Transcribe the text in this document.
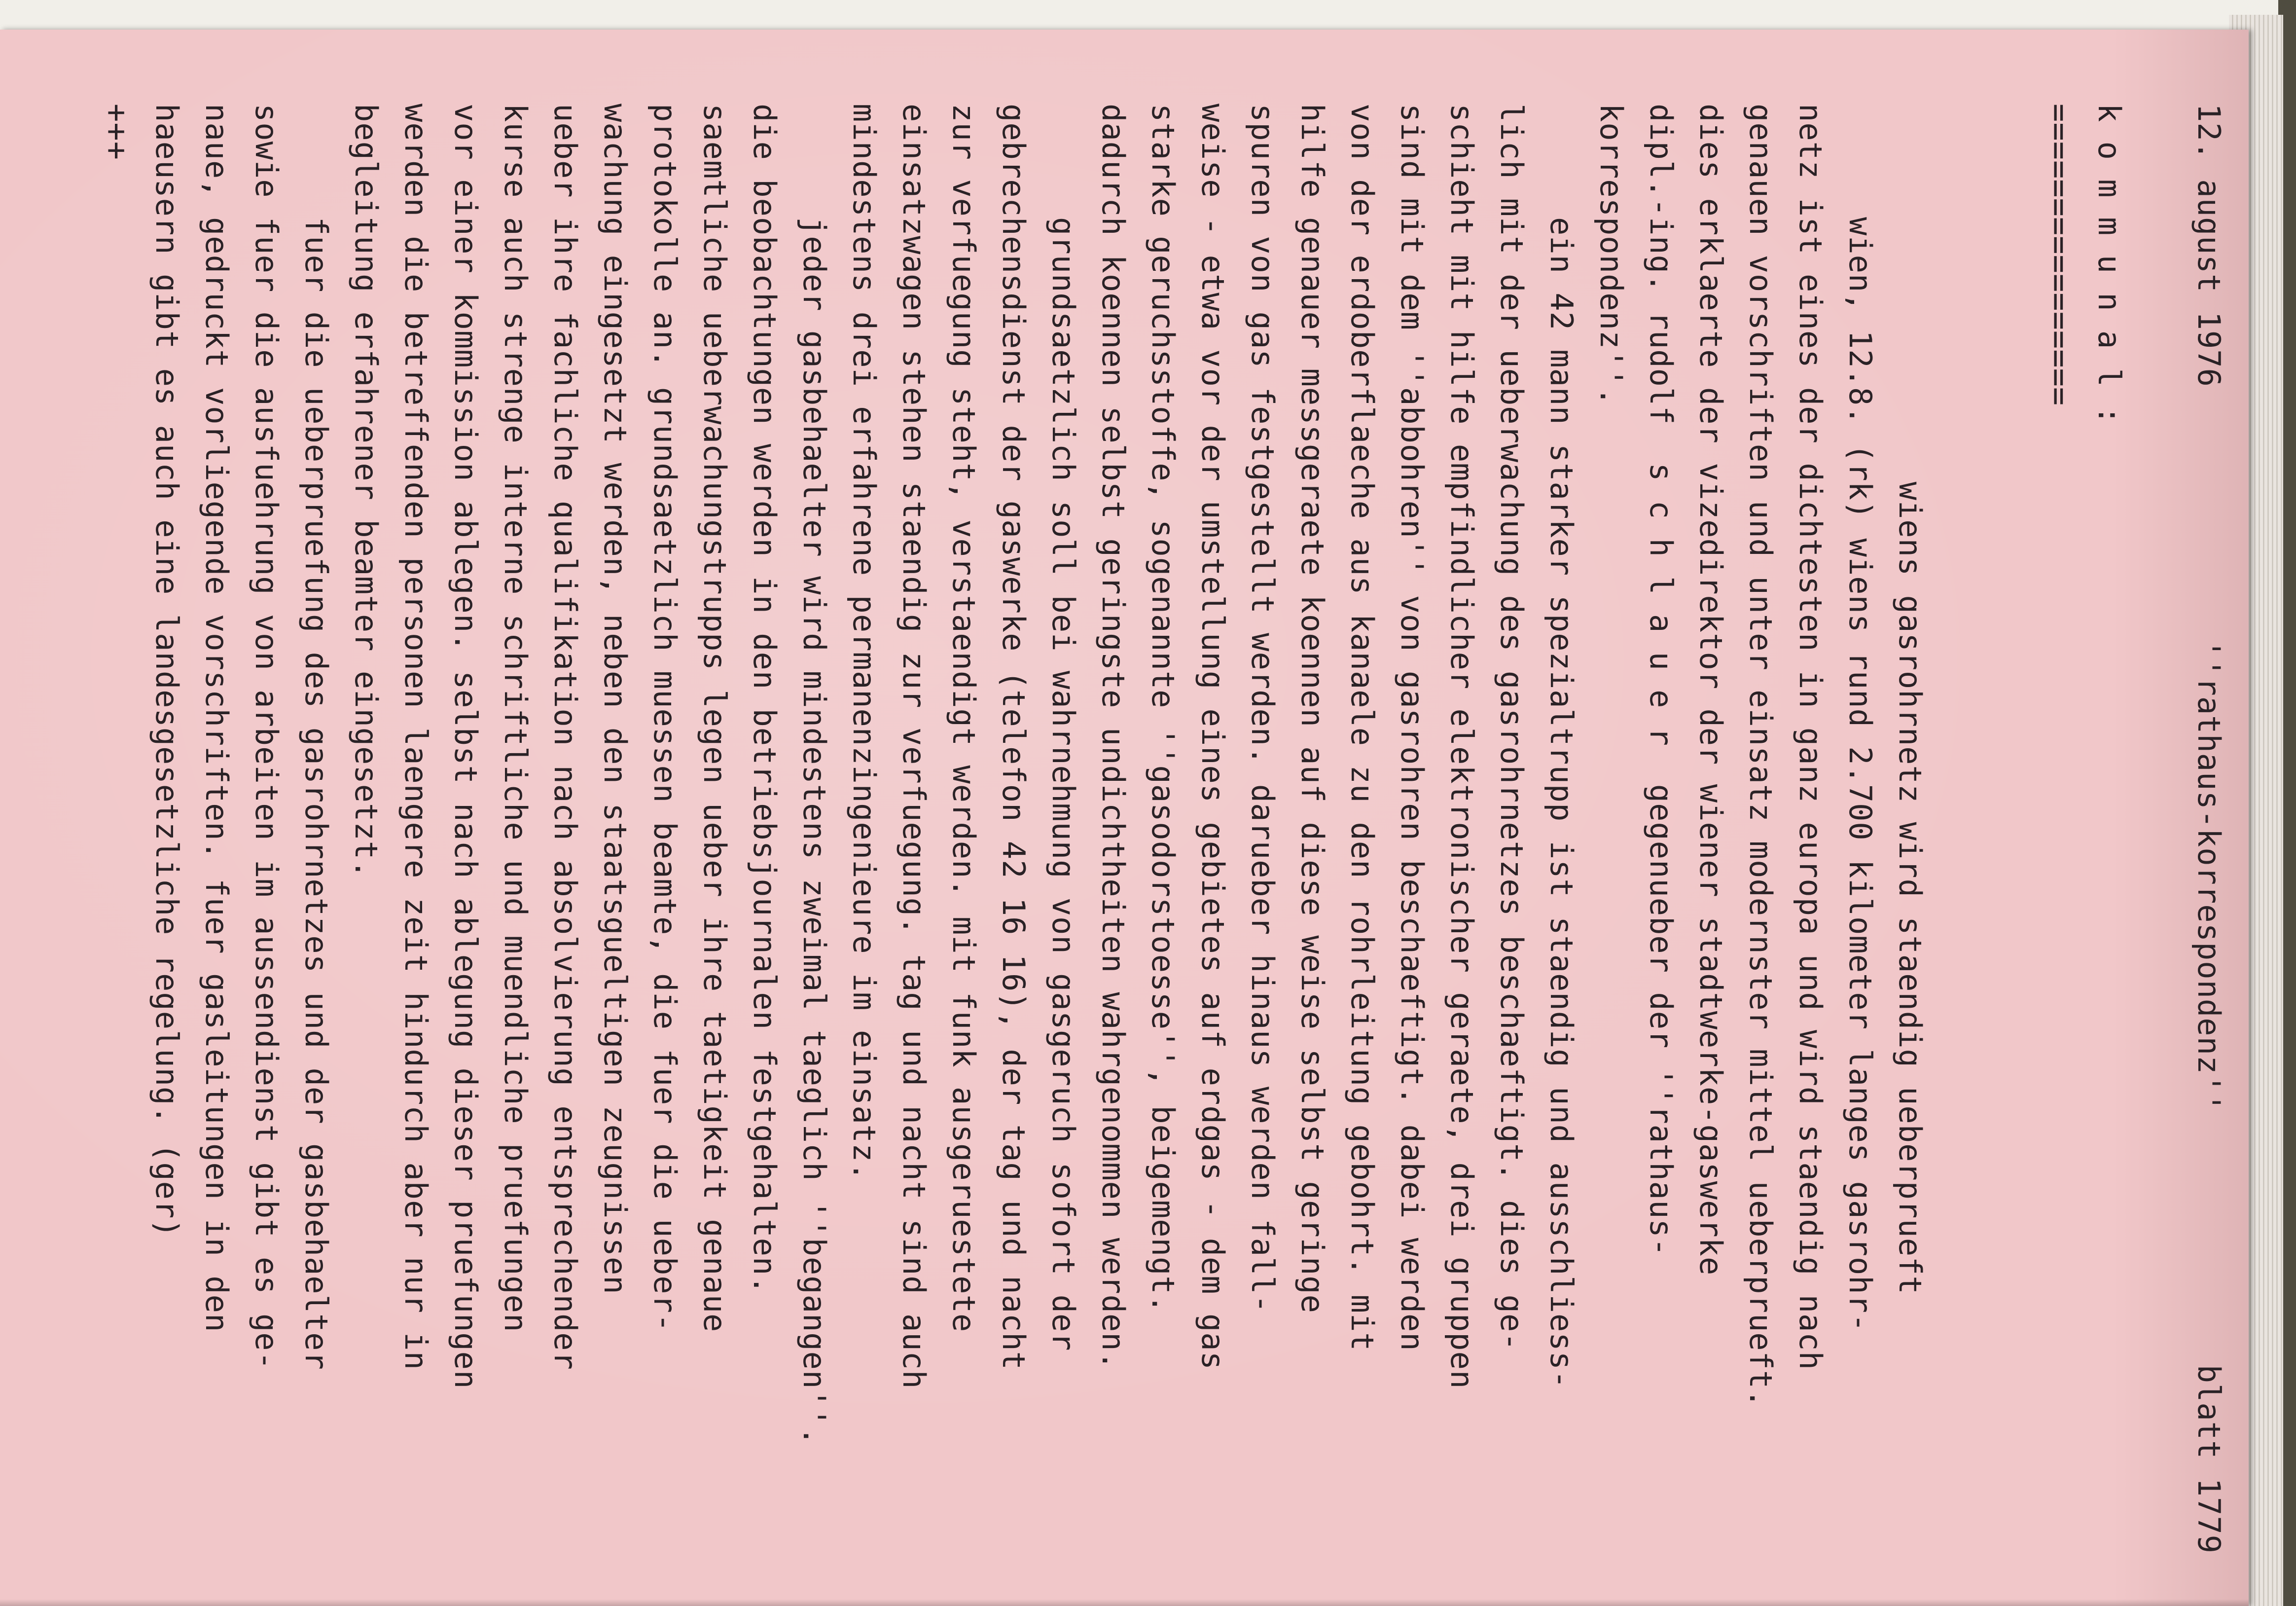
12. august 1976
''rathaus-korrespondenz''
blatt 1779
k o m m u n a l :
================

wiens gasrohrnetz wird staendig ueberprueft

wien, 12.8. (rk) wiens rund 2.700 kilometer langes gasrohr-
netz ist eines der dichtesten in ganz europa und wird staendig nach
genauen vorschriften und unter einsatz modernster mittel ueberprueft.
dies erklaerte der vizedirektor der wiener stadtwerke-gaswerke
dipl.-ing. rudolf  s c h l a u e r  gegenueber der ''rathaus-
korrespondenz''.
ein 42 mann starker spezialtrupp ist staendig und ausschliess-
lich mit der ueberwachung des gasrohrnetzes beschaeftigt. dies ge-
schieht mit hilfe empfindlicher elektronischer geraete, drei gruppen
sind mit dem ''abbohren'' von gasrohren beschaeftigt. dabei werden
von der erdoberflaeche aus kanaele zu den rohrleitung gebohrt. mit
hilfe genauer messgeraete koennen auf diese weise selbst geringe
spuren von gas festgestellt werden. darueber hinaus werden fall-
weise - etwa vor der umstellung eines gebietes auf erdgas - dem gas
starke geruchsstoffe, sogenannte ''gasodorstoesse'', beigemengt.
dadurch koennen selbst geringste undichtheiten wahrgenommen werden.
grundsaetzlich soll bei wahrnehmung von gasgeruch sofort der
gebrechensdienst der gaswerke (telefon 42 16 16), der tag und nacht
zur verfuegung steht, verstaendigt werden. mit funk ausgeruestete
einsatzwagen stehen staendig zur verfuegung. tag und nacht sind auch
mindestens drei erfahrene permanenzingenieure im einsatz.
jeder gasbehaelter wird mindestens zweimal taeglich ''begangen''.
die beobachtungen werden in den betriebsjournalen festgehalten.
saemtliche ueberwachungstrupps legen ueber ihre taetigkeit genaue
protokolle an. grundsaetzlich muessen beamte, die fuer die ueber-
wachung eingesetzt werden, neben den staatsgueltigen zeugnissen
ueber ihre fachliche qualifikation nach absolvierung entsprechender
kurse auch strenge interne schriftliche und muendliche pruefungen
vor einer kommission ablegen. selbst nach ablegung dieser pruefungen
werden die betreffenden personen laengere zeit hindurch aber nur in
begleitung erfahrener beamter eingesetzt.
fuer die ueberpruefung des gasrohrnetzes und der gasbehaelter
sowie fuer die ausfuehrung von arbeiten im aussendienst gibt es ge-
naue, gedruckt vorliegende vorschriften. fuer gasleitungen in den
haeusern gibt es auch eine landesgesetzliche regelung. (ger)
+++
